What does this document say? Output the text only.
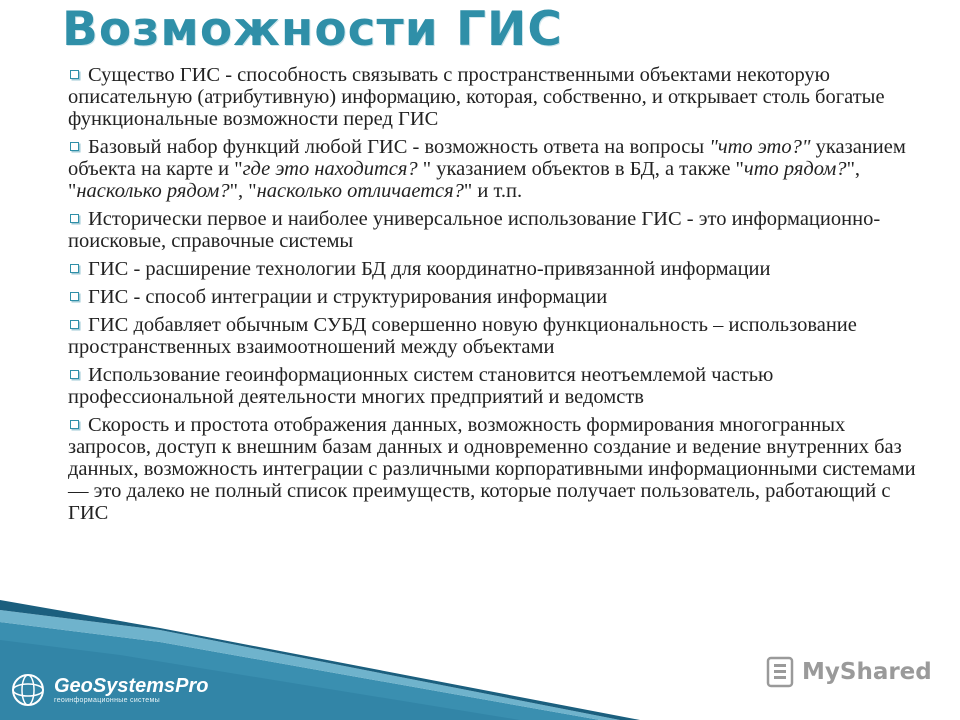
Возможности ГИС
Существо ГИС - способность связывать с пространственными объектами некоторую описательную (атрибутивную) информацию, которая, собственно, и открывает столь богатые функциональные возможности перед ГИС
Базовый набор функций любой ГИС - возможность ответа на вопросы "что это?" указанием объекта на карте и "где это находится? " указанием объектов в БД, а также "что рядом?", "насколько рядом?", "насколько отличается?" и т.п.
Исторически первое и наиболее универсальное использование ГИС - это информационно-поисковые, справочные системы
ГИС - расширение технологии БД для координатно-привязанной информации
ГИС - способ интеграции и структурирования информации
ГИС добавляет обычным СУБД совершенно новую функциональность – использование пространственных взаимоотношений между объектами
Использование геоинформационных систем становится неотъемлемой частью профессиональной деятельности многих предприятий и ведомств
Скорость и простота отображения данных, возможность формирования многогранных запросов, доступ к внешним базам данных и одновременно создание и ведение внутренних баз данных, возможность интеграции с различными корпоративными информационными системами — это далеко не полный список преимуществ, которые получает пользователь, работающий с ГИС
GeoSystemsPro
геоинформационные системы
MyShared
